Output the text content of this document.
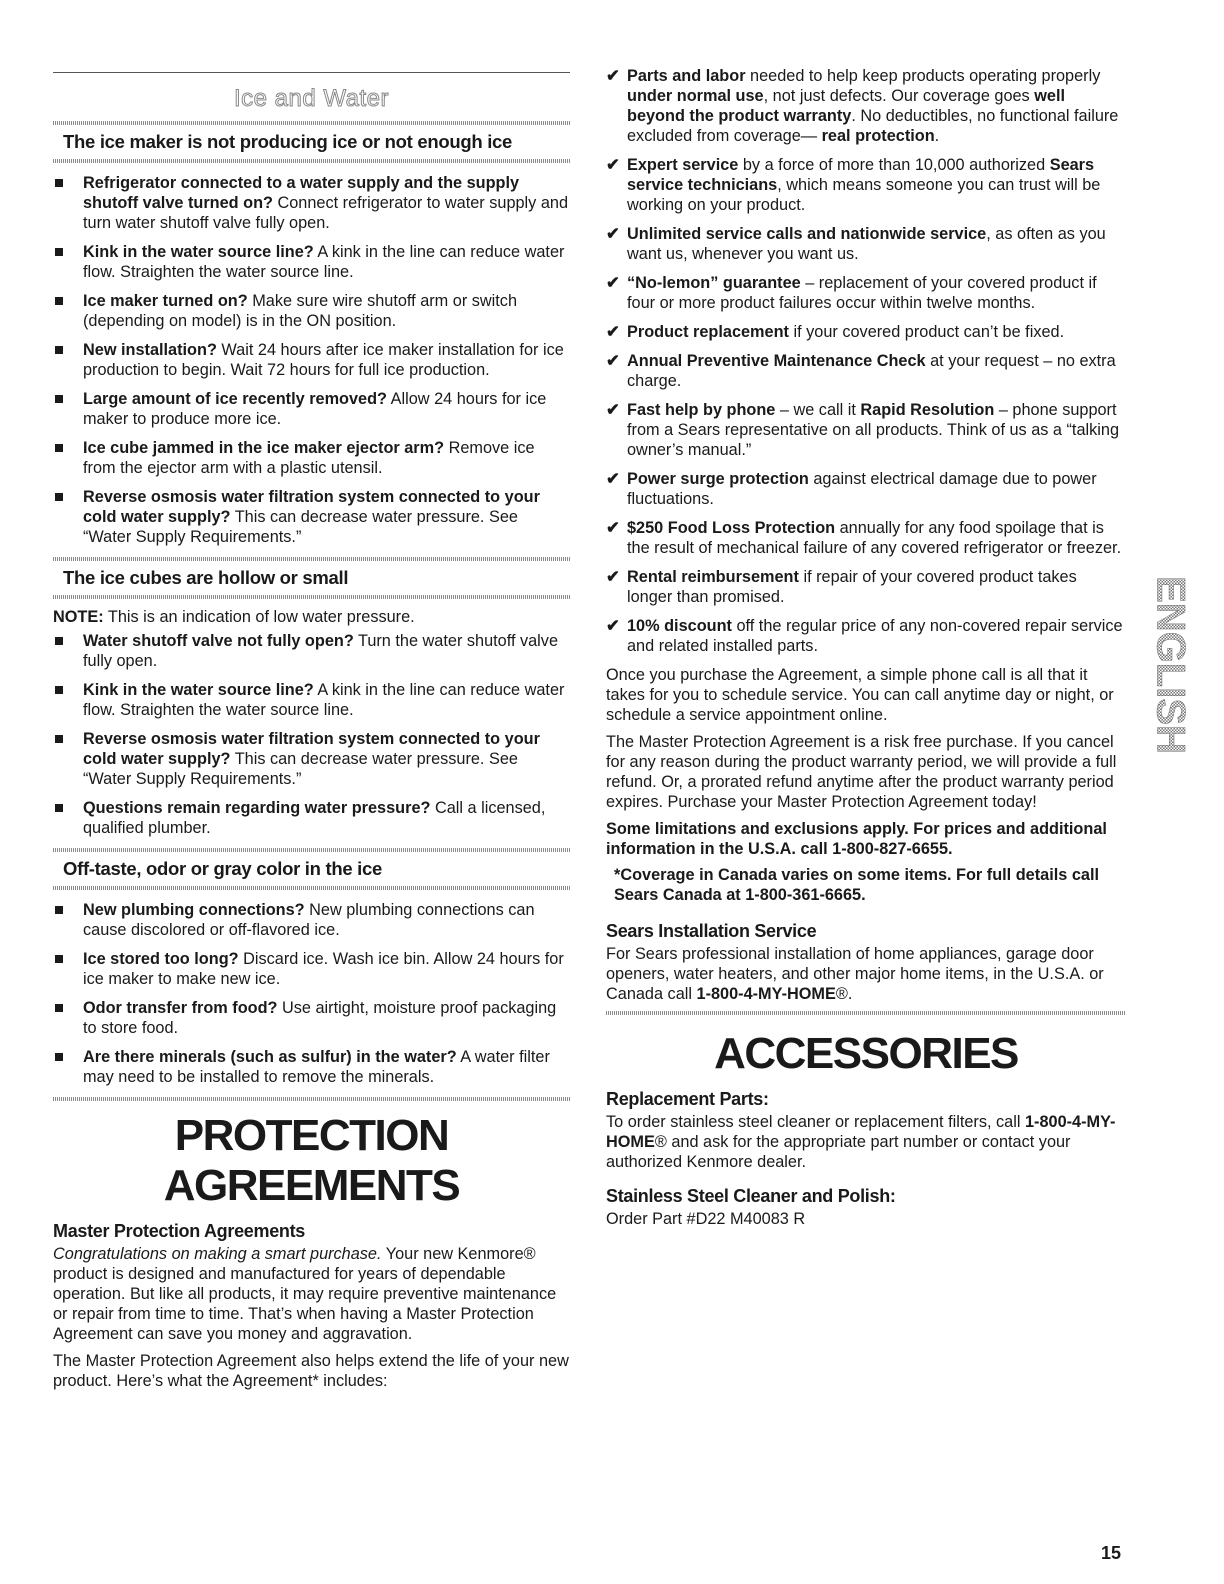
Ice and Water
The ice maker is not producing ice or not enough ice
Refrigerator connected to a water supply and the supply shutoff valve turned on? Connect refrigerator to water supply and turn water shutoff valve fully open.
Kink in the water source line? A kink in the line can reduce water flow. Straighten the water source line.
Ice maker turned on? Make sure wire shutoff arm or switch (depending on model) is in the ON position.
New installation? Wait 24 hours after ice maker installation for ice production to begin. Wait 72 hours for full ice production.
Large amount of ice recently removed? Allow 24 hours for ice maker to produce more ice.
Ice cube jammed in the ice maker ejector arm? Remove ice from the ejector arm with a plastic utensil.
Reverse osmosis water filtration system connected to your cold water supply? This can decrease water pressure. See “Water Supply Requirements.”
The ice cubes are hollow or small
NOTE: This is an indication of low water pressure.
Water shutoff valve not fully open? Turn the water shutoff valve fully open.
Kink in the water source line? A kink in the line can reduce water flow. Straighten the water source line.
Reverse osmosis water filtration system connected to your cold water supply? This can decrease water pressure. See “Water Supply Requirements.”
Questions remain regarding water pressure? Call a licensed, qualified plumber.
Off-taste, odor or gray color in the ice
New plumbing connections? New plumbing connections can cause discolored or off-flavored ice.
Ice stored too long? Discard ice. Wash ice bin. Allow 24 hours for ice maker to make new ice.
Odor transfer from food? Use airtight, moisture proof packaging to store food.
Are there minerals (such as sulfur) in the water? A water filter may need to be installed to remove the minerals.
PROTECTION AGREEMENTS
Master Protection Agreements

Congratulations on making a smart purchase. Your new Kenmore® product is designed and manufactured for years of dependable operation. But like all products, it may require preventive maintenance or repair from time to time. That’s when having a Master Protection Agreement can save you money and aggravation.

The Master Protection Agreement also helps extend the life of your new product. Here’s what the Agreement* includes:

✔ Parts and labor needed to help keep products operating properly under normal use, not just defects. Our coverage goes well beyond the product warranty. No deductibles, no functional failure excluded from coverage— real protection.
✔ Expert service by a force of more than 10,000 authorized Sears service technicians, which means someone you can trust will be working on your product.
✔ Unlimited service calls and nationwide service, as often as you want us, whenever you want us.
✔ “No-lemon” guarantee – replacement of your covered product if four or more product failures occur within twelve months.
✔ Product replacement if your covered product can’t be fixed.
✔ Annual Preventive Maintenance Check at your request – no extra charge.
✔ Fast help by phone – we call it Rapid Resolution – phone support from a Sears representative on all products. Think of us as a “talking owner’s manual.”
✔ Power surge protection against electrical damage due to power fluctuations.
✔ $250 Food Loss Protection annually for any food spoilage that is the result of mechanical failure of any covered refrigerator or freezer.
✔ Rental reimbursement if repair of your covered product takes longer than promised.
✔ 10% discount off the regular price of any non-covered repair service and related installed parts.

Once you purchase the Agreement, a simple phone call is all that it takes for you to schedule service. You can call anytime day or night, or schedule a service appointment online.

The Master Protection Agreement is a risk free purchase. If you cancel for any reason during the product warranty period, we will provide a full refund. Or, a prorated refund anytime after the product warranty period expires. Purchase your Master Protection Agreement today!

Some limitations and exclusions apply. For prices and additional information in the U.S.A. call 1-800-827-6655.

*Coverage in Canada varies on some items. For full details call Sears Canada at 1-800-361-6665.

Sears Installation Service

For Sears professional installation of home appliances, garage door openers, water heaters, and other major home items, in the U.S.A. or Canada call 1-800-4-MY-HOME®.

ACCESSORIES
Replacement Parts:

To order stainless steel cleaner or replacement filters, call 1-800-4-MY-HOME® and ask for the appropriate part number or contact your authorized Kenmore dealer.

Stainless Steel Cleaner and Polish:

Order Part #D22 M40083 R

ENGLISH
15
